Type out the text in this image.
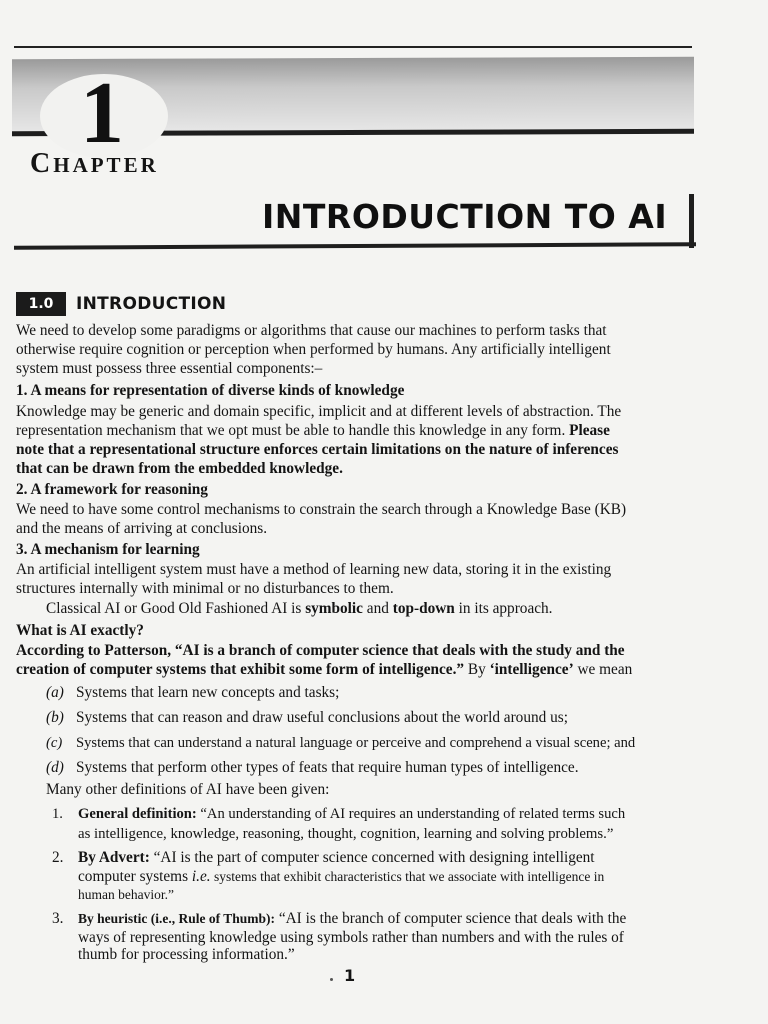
1
CHAPTER
INTRODUCTION TO AI
1.0	INTRODUCTION
We need to develop some paradigms or algorithms that cause our machines to perform tasks that
otherwise require cognition or perception when performed by humans. Any artificially intelligent
system must possess three essential components:–
1. A means for representation of diverse kinds of knowledge
Knowledge may be generic and domain specific, implicit and at different levels of abstraction. The
representation mechanism that we opt must be able to handle this knowledge in any form. Please
note that a representational structure enforces certain limitations on the nature of inferences
that can be drawn from the embedded knowledge.
2. A framework for reasoning
We need to have some control mechanisms to constrain the search through a Knowledge Base (KB)
and the means of arriving at conclusions.
3. A mechanism for learning
An artificial intelligent system must have a method of learning new data, storing it in the existing
structures internally with minimal or no disturbances to them.
Classical AI or Good Old Fashioned AI is symbolic and top-down in its approach.
What is AI exactly?
According to Patterson, “AI is a branch of computer science that deals with the study and the
creation of computer systems that exhibit some form of intelligence.” By ‘intelligence’ we mean
(a) Systems that learn new concepts and tasks;
(b) Systems that can reason and draw useful conclusions about the world around us;
(c) Systems that can understand a natural language or perceive and comprehend a visual scene; and
(d) Systems that perform other types of feats that require human types of intelligence.
Many other definitions of AI have been given:
1. General definition: “An understanding of AI requires an understanding of related terms such
as intelligence, knowledge, reasoning, thought, cognition, learning and solving problems.”
2. By Advert: “AI is the part of computer science concerned with designing intelligent
computer systems i.e. systems that exhibit characteristics that we associate with intelligence in
human behavior.”
3. By heuristic (i.e., Rule of Thumb): “AI is the branch of computer science that deals with the
ways of representing knowledge using symbols rather than numbers and with the rules of
thumb for processing information.”
1
